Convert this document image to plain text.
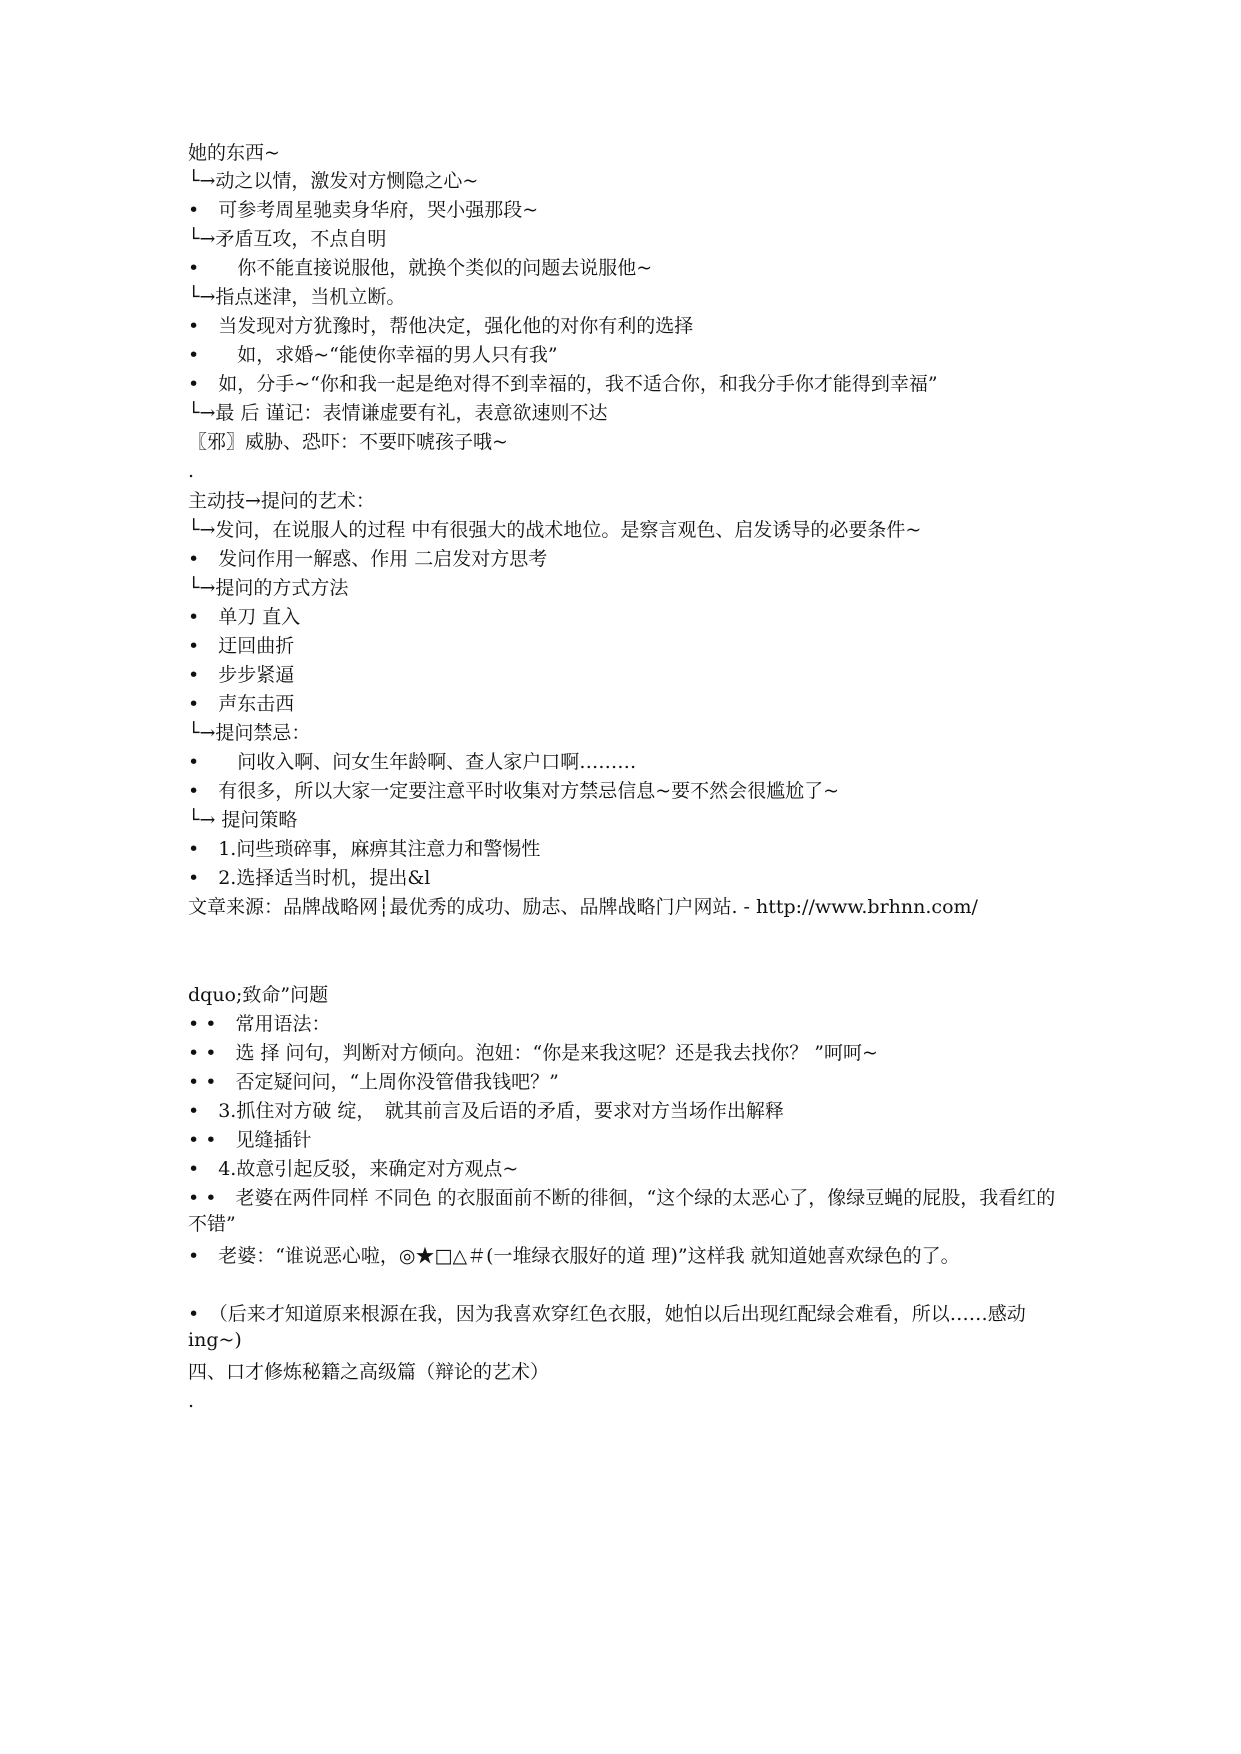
她的东西~
└→动之以情，激发对方恻隐之心~
•　可参考周星驰卖身华府，哭小强那段~
└→矛盾互攻，不点自明
•　　你不能直接说服他，就换个类似的问题去说服他~
└→指点迷津，当机立断。
•　当发现对方犹豫时，帮他决定，强化他的对你有利的选择
•　　如，求婚~“能使你幸福的男人只有我”
•　如，分手~“你和我一起是绝对得不到幸福的，我不适合你，和我分手你才能得到幸福”
└→最 后 谨记：表情谦虚要有礼，表意欲速则不达
〖邪〗威胁、恐吓：不要吓唬孩子哦~
.
主动技→提问的艺术：
└→发问，在说服人的过程 中有很强大的战术地位。是察言观色、启发诱导的必要条件~
•　发问作用一解惑、作用 二启发对方思考
└→提问的方式方法
•　单刀 直入
•　迂回曲折
•　步步紧逼
•　声东击西
└→提问禁忌：
•　　问收入啊、问女生年龄啊、查人家户口啊………
•　有很多，所以大家一定要注意平时收集对方禁忌信息~要不然会很尴尬了~
└→ 提问策略
•　1.问些琐碎事，麻痹其注意力和警惕性
•　2.选择适当时机，提出&l
文章来源：品牌战略网┆最优秀的成功、励志、品牌战略门户网站. - http://www.brhnn.com/
dquo;致命”问题
• •　常用语法：
• •　选 择 问句，判断对方倾向。泡妞：“你是来我这呢？还是我去找你？ ”呵呵~
• •　否定疑问问，“上周你没管借我钱吧？”
•　3.抓住对方破 绽，　就其前言及后语的矛盾，要求对方当场作出解释
• •　见缝插针
•　4.故意引起反驳，来确定对方观点~
• •　老婆在两件同样 不同色 的衣服面前不断的徘徊，“这个绿的太恶心了，像绿豆蝇的屁股，我看红的不错”
•　老婆：“谁说恶心啦，◎★□△＃(一堆绿衣服好的道 理)”这样我 就知道她喜欢绿色的了。
•　（后来才知道原来根源在我，因为我喜欢穿红色衣服，她怕以后出现红配绿会难看，所以……感动 ing~)
四、口才修炼秘籍之高级篇（辩论的艺术）
.
